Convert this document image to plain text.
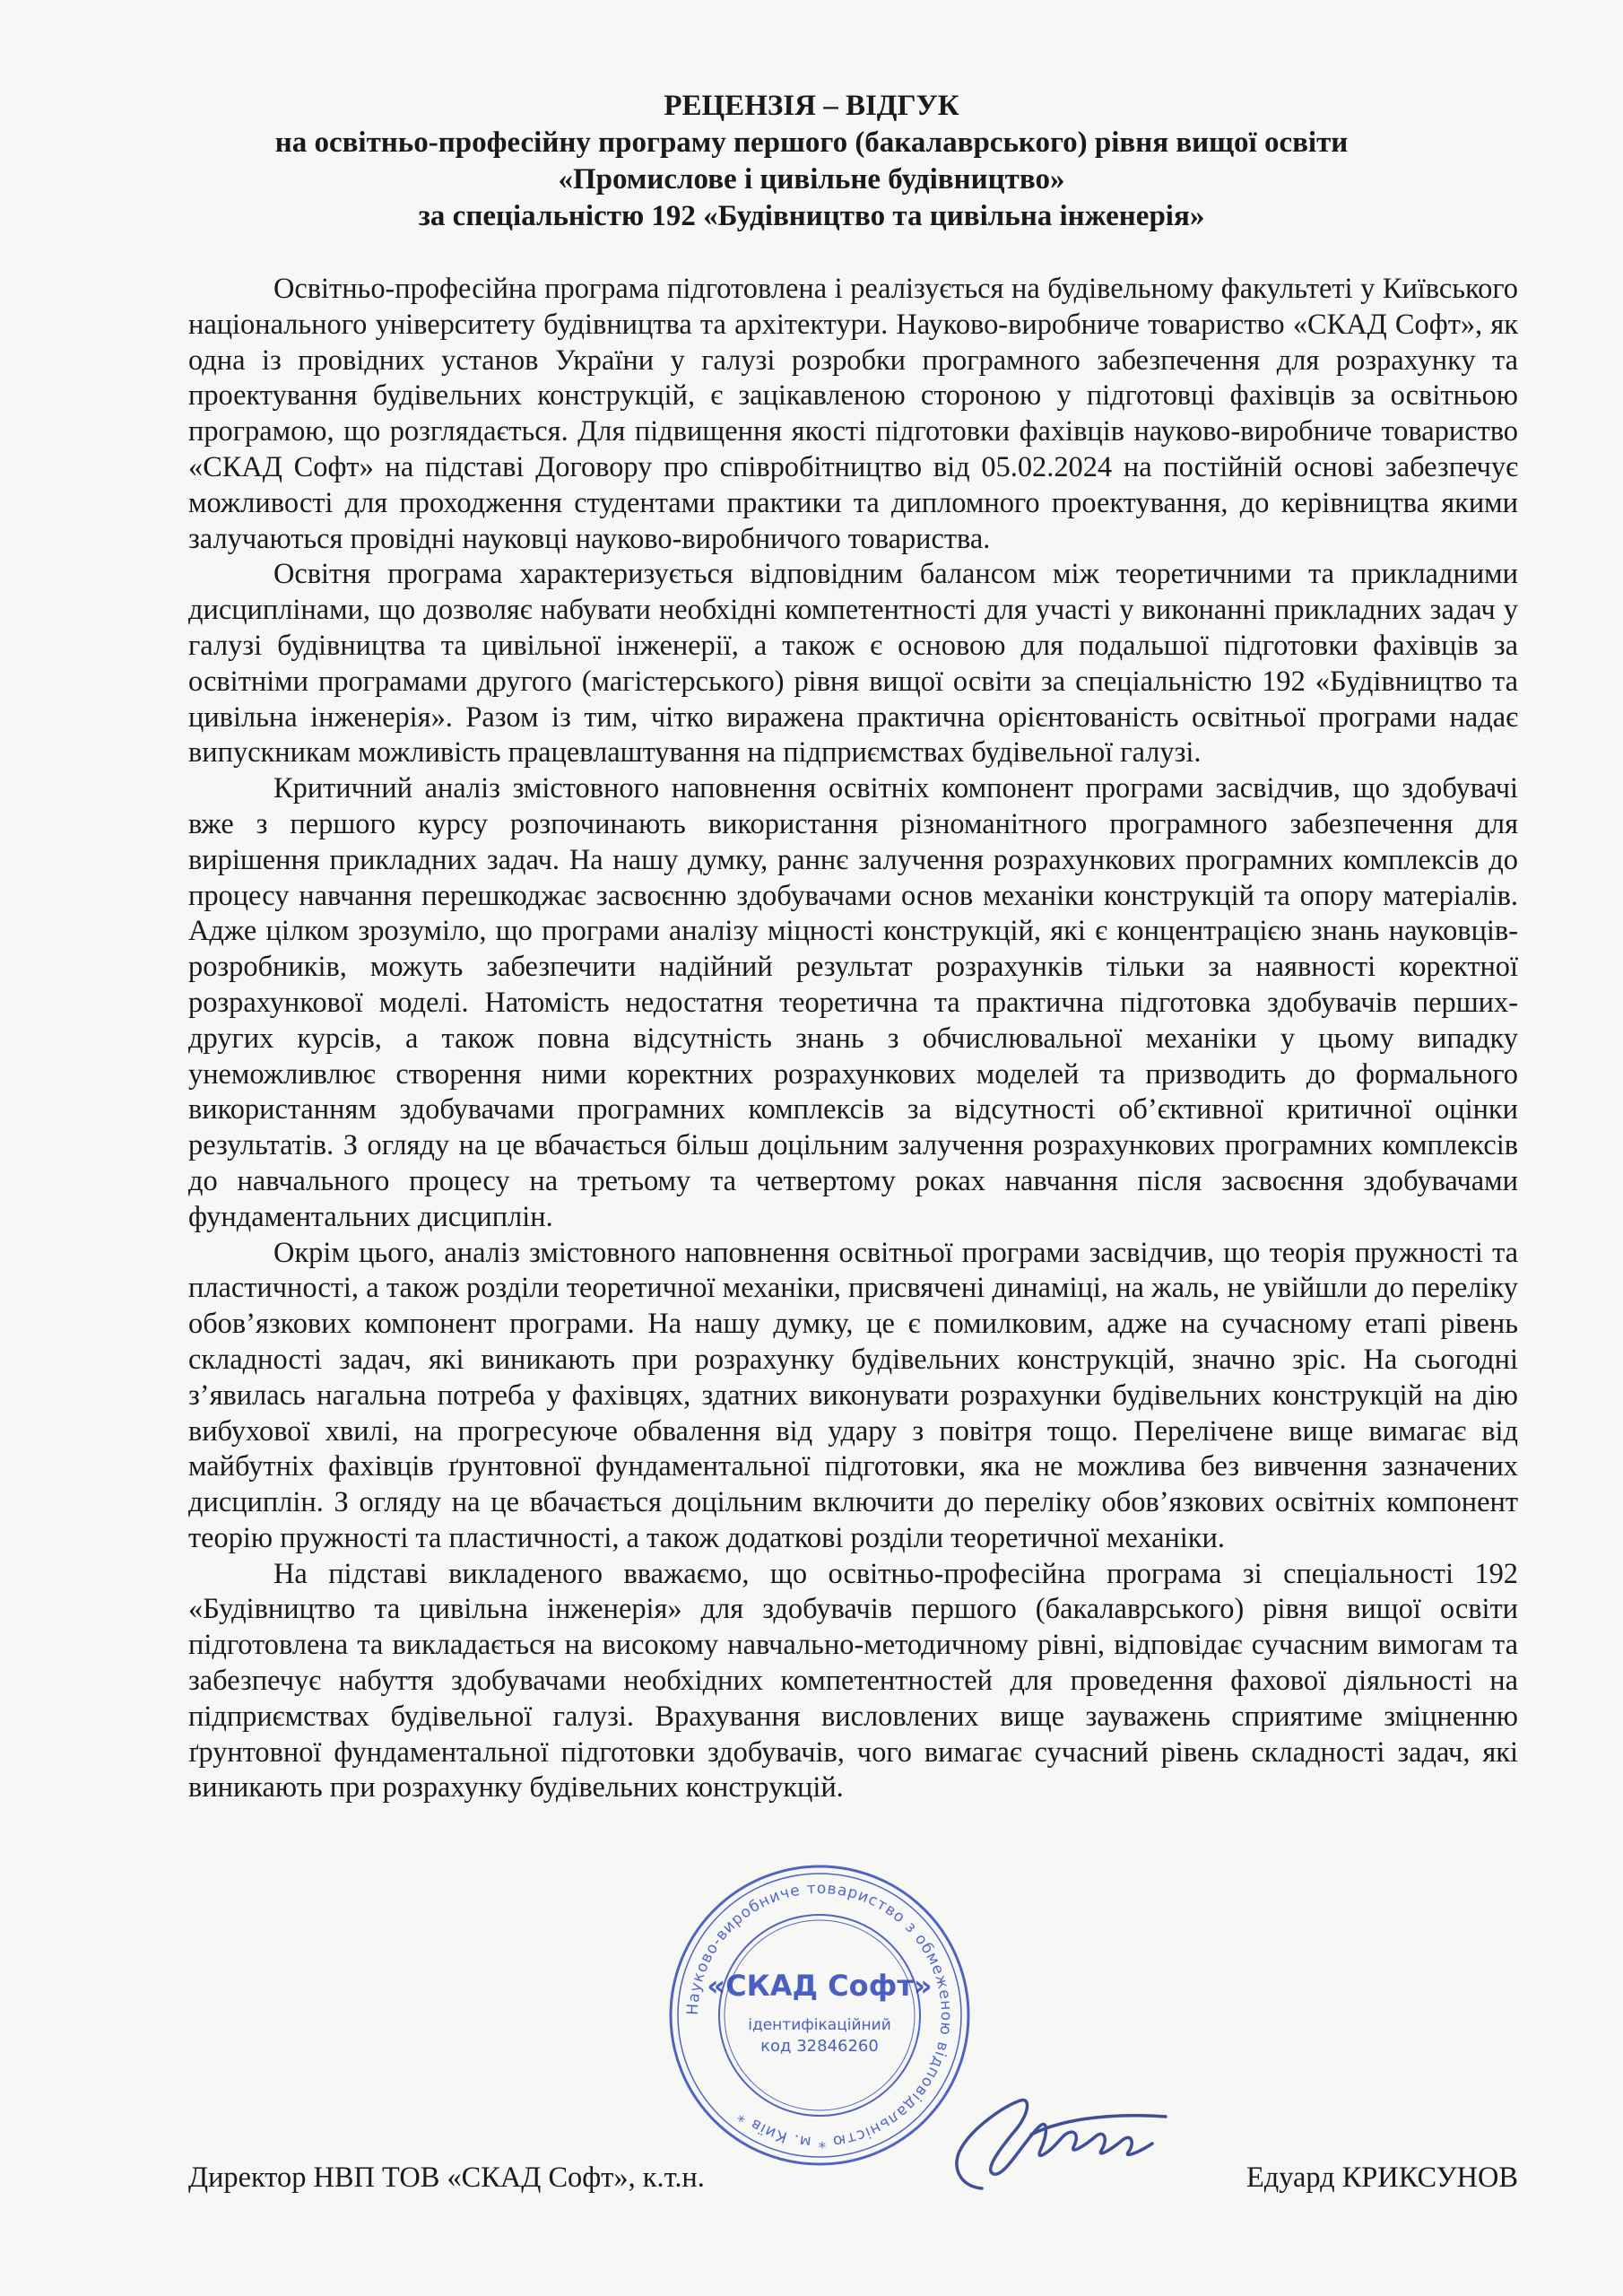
РЕЦЕНЗІЯ – ВІДГУК
на освітньо-професійну програму першого (бакалаврського) рівня вищої освіти
«Промислове і цивільне будівництво»
за спеціальністю 192 «Будівництво та цивільна інженерія»

Освітньо-професійна програма підготовлена і реалізується на будівельному факультеті у Київського національного університету будівництва та архітектури. Науково-виробниче товариство «СКАД Софт», як одна із провідних установ України у галузі розробки програмного забезпечення для розрахунку та проектування будівельних конструкцій, є зацікавленою стороною у підготовці фахівців за освітньою програмою, що розглядається. Для підвищення якості підготовки фахівців науково-виробниче товариство «СКАД Софт» на підставі Договору про співробітництво від 05.02.2024 на постійній основі забезпечує можливості для проходження студентами практики та дипломного проектування, до керівництва якими залучаються провідні науковці науково-виробничого товариства.

Освітня програма характеризується відповідним балансом між теоретичними та прикладними дисциплінами, що дозволяє набувати необхідні компетентності для участі у виконанні прикладних задач у галузі будівництва та цивільної інженерії, а також є основою для подальшої підготовки фахівців за освітніми програмами другого (магістерського) рівня вищої освіти за спеціальністю 192 «Будівництво та цивільна інженерія». Разом із тим, чітко виражена практична орієнтованість освітньої програми надає випускникам можливість працевлаштування на підприємствах будівельної галузі.

Критичний аналіз змістовного наповнення освітніх компонент програми засвідчив, що здобувачі вже з першого курсу розпочинають використання різноманітного програмного забезпечення для вирішення прикладних задач. На нашу думку, раннє залучення розрахункових програмних комплексів до процесу навчання перешкоджає засвоєнню здобувачами основ механіки конструкцій та опору матеріалів. Адже цілком зрозуміло, що програми аналізу міцності конструкцій, які є концентрацією знань науковців-розробників, можуть забезпечити надійний результат розрахунків тільки за наявності коректної розрахункової моделі. Натомість недостатня теоретична та практична підготовка здобувачів перших-других курсів, а також повна відсутність знань з обчислювальної механіки у цьому випадку унеможливлює створення ними коректних розрахункових моделей та призводить до формального використанням здобувачами програмних комплексів за відсутності об’єктивної критичної оцінки результатів. З огляду на це вбачається більш доцільним залучення розрахункових програмних комплексів до навчального процесу на третьому та четвертому роках навчання після засвоєння здобувачами фундаментальних дисциплін.

Окрім цього, аналіз змістовного наповнення освітньої програми засвідчив, що теорія пружності та пластичності, а також розділи теоретичної механіки, присвячені динаміці, на жаль, не увійшли до переліку обов’язкових компонент програми. На нашу думку, це є помилковим, адже на сучасному етапі рівень складності задач, які виникають при розрахунку будівельних конструкцій, значно зріс. На сьогодні з’явилась нагальна потреба у фахівцях, здатних виконувати розрахунки будівельних конструкцій на дію вибухової хвилі, на прогресуюче обвалення від удару з повітря тощо. Перелічене вище вимагає від майбутніх фахівців ґрунтовної фундаментальної підготовки, яка не можлива без вивчення зазначених дисциплін. З огляду на це вбачається доцільним включити до переліку обов’язкових освітніх компонент теорію пружності та пластичності, а також додаткові розділи теоретичної механіки.

На підставі викладеного вважаємо, що освітньо-професійна програма зі спеціальності 192 «Будівництво та цивільна інженерія» для здобувачів першого (бакалаврського) рівня вищої освіти підготовлена та викладається на високому навчально-методичному рівні, відповідає сучасним вимогам та забезпечує набуття здобувачами необхідних компетентностей для проведення фахової діяльності на підприємствах будівельної галузі. Врахування висловлених вище зауважень сприятиме зміцненню ґрунтовної фундаментальної підготовки здобувачів, чого вимагає сучасний рівень складності задач, які виникають при розрахунку будівельних конструкцій.

Науково-виробниче товариство з обмеженою відповідальністю * м. Київ *
«СКАД Софт»
ідентифікаційний
код 32846260
Директор НВП ТОВ «СКАД Софт», к.т.н.	Едуард КРИКСУНОВ
